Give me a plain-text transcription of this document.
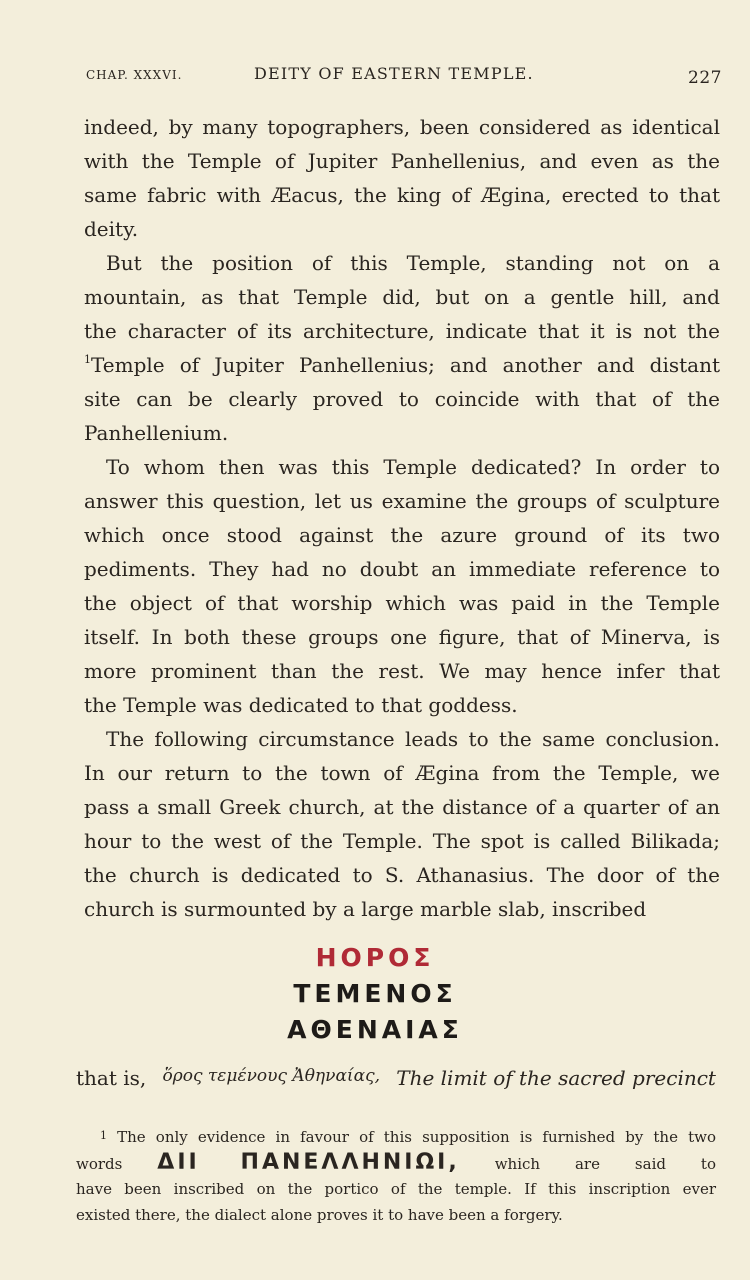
CHAP. XXXVI.	DEITY OF EASTERN TEMPLE.	227
indeed, by many topographers, been considered as identical
with the Temple of Jupiter Panhellenius, and even as the
same fabric with Æacus, the king of Ægina, erected to that
deity.
But the position of this Temple, standing not on a
mountain, as that Temple did, but on a gentle hill, and
the character of its architecture, indicate that it is not the
$^1$Temple of Jupiter Panhellenius; and another and distant
site can be clearly proved to coincide with that of the
Panhellenium.
To whom then was this Temple dedicated? In order to
answer this question, let us examine the groups of sculpture
which once stood against the azure ground of its two
pediments. They had no doubt an immediate reference to
the object of that worship which was paid in the Temple
itself. In both these groups one figure, that of Minerva, is
more prominent than the rest. We may hence infer that
the Temple was dedicated to that goddess.
The following circumstance leads to the same conclusion.
In our return to the town of Ægina from the Temple, we
pass a small Greek church, at the distance of a quarter of an
hour to the west of the Temple. The spot is called Bilikada;
the church is dedicated to S. Athanasius. The door of the
church is surmounted by a large marble slab, inscribed
ΗΟΡΟΣ
ΤΕΜΕΝΟΣ
ΑΘΕΝΑΙΑΣ
that is, ὅρος τεμένους Ἀθηναίας, The limit of the sacred precinct
$^1$ The only evidence in favour of this supposition is furnished by the two
words ΔΙΙ ΠΑΝΕΛΛΗΝΙΩΙ, which are said to
have been inscribed on the portico of the temple. If this inscription ever
existed there, the dialect alone proves it to have been a forgery.
